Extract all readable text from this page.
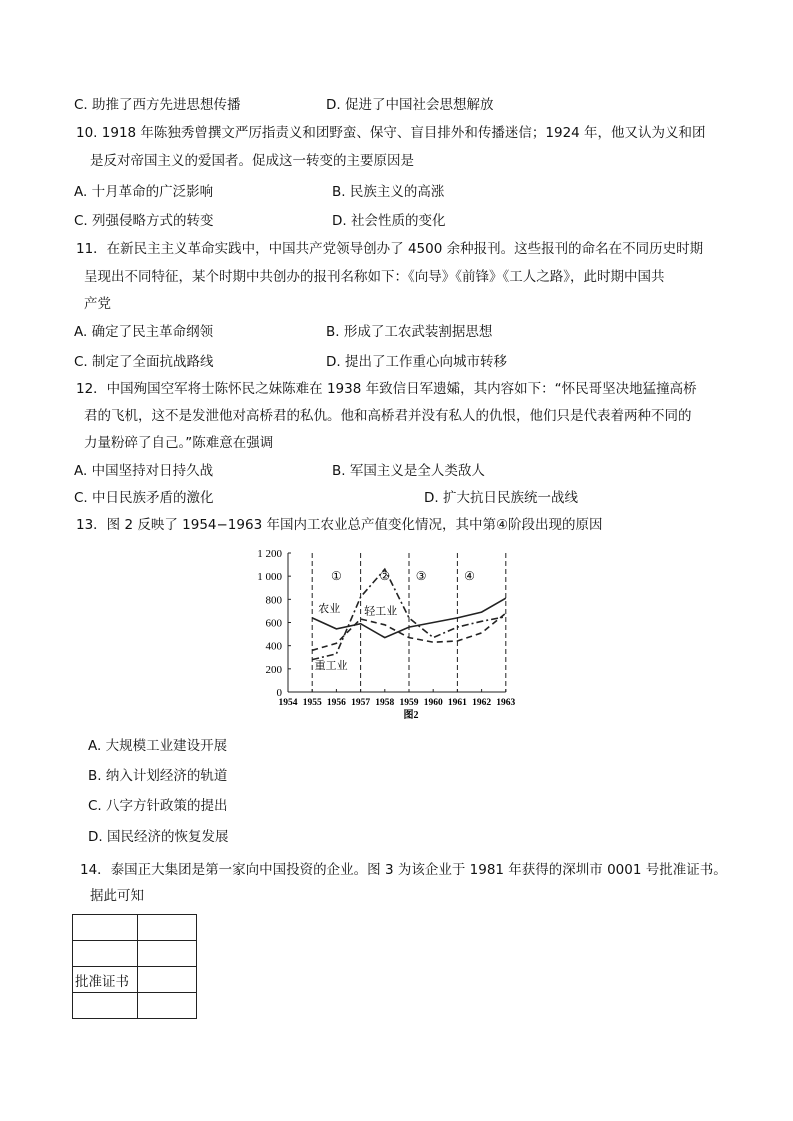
C. 助推了西方先进思想传播	D. 促进了中国社会思想解放
10. 1918 年陈独秀曾撰文严厉指责义和团野蛮、保守、盲目排外和传播迷信；1924 年，他又认为义和团
是反对帝国主义的爱国者。促成这一转变的主要原因是
A. 十月革命的广泛影响	B. 民族主义的高涨
C. 列强侵略方式的转变	D. 社会性质的变化
11．在新民主主义革命实践中，中国共产党领导创办了 4500 余种报刊。这些报刊的命名在不同历史时期
呈现出不同特征，某个时期中共创办的报刊名称如下：《向导》《前锋》《工人之路》，此时期中国共
产党
A. 确定了民主革命纲领	B. 形成了工农武装割据思想
C. 制定了全面抗战路线	D. 提出了工作重心向城市转移
12．中国殉国空军将士陈怀民之妹陈难在 1938 年致信日军遗孀，其内容如下：“怀民哥坚决地猛撞高桥
君的飞机，这不是发泄他对高桥君的私仇。他和高桥君并没有私人的仇恨，他们只是代表着两种不同的
力量粉碎了自己。”陈难意在强调
A. 中国坚持对日持久战	B. 军国主义是全人类敌人
C. 中日民族矛盾的激化	D. 扩大抗日民族统一战线
13．图 2 反映了 1954−1963 年国内工农业总产值变化情况，其中第④阶段出现的原因
1 200
1 000
800
600
400
200
0
1954 1955 1956 1957 1958 1959 1960 1961 1962 1963
图2
①	② ③	④
农业 轻工业
重工业
A. 大规模工业建设开展
B. 纳入计划经济的轨道
C. 八字方针政策的提出
D. 国民经济的恢复发展
14．泰国正大集团是第一家向中国投资的企业。图 3 为该企业于 1981 年获得的深圳市 0001 号批准证书。
据此可知

批准证书	
